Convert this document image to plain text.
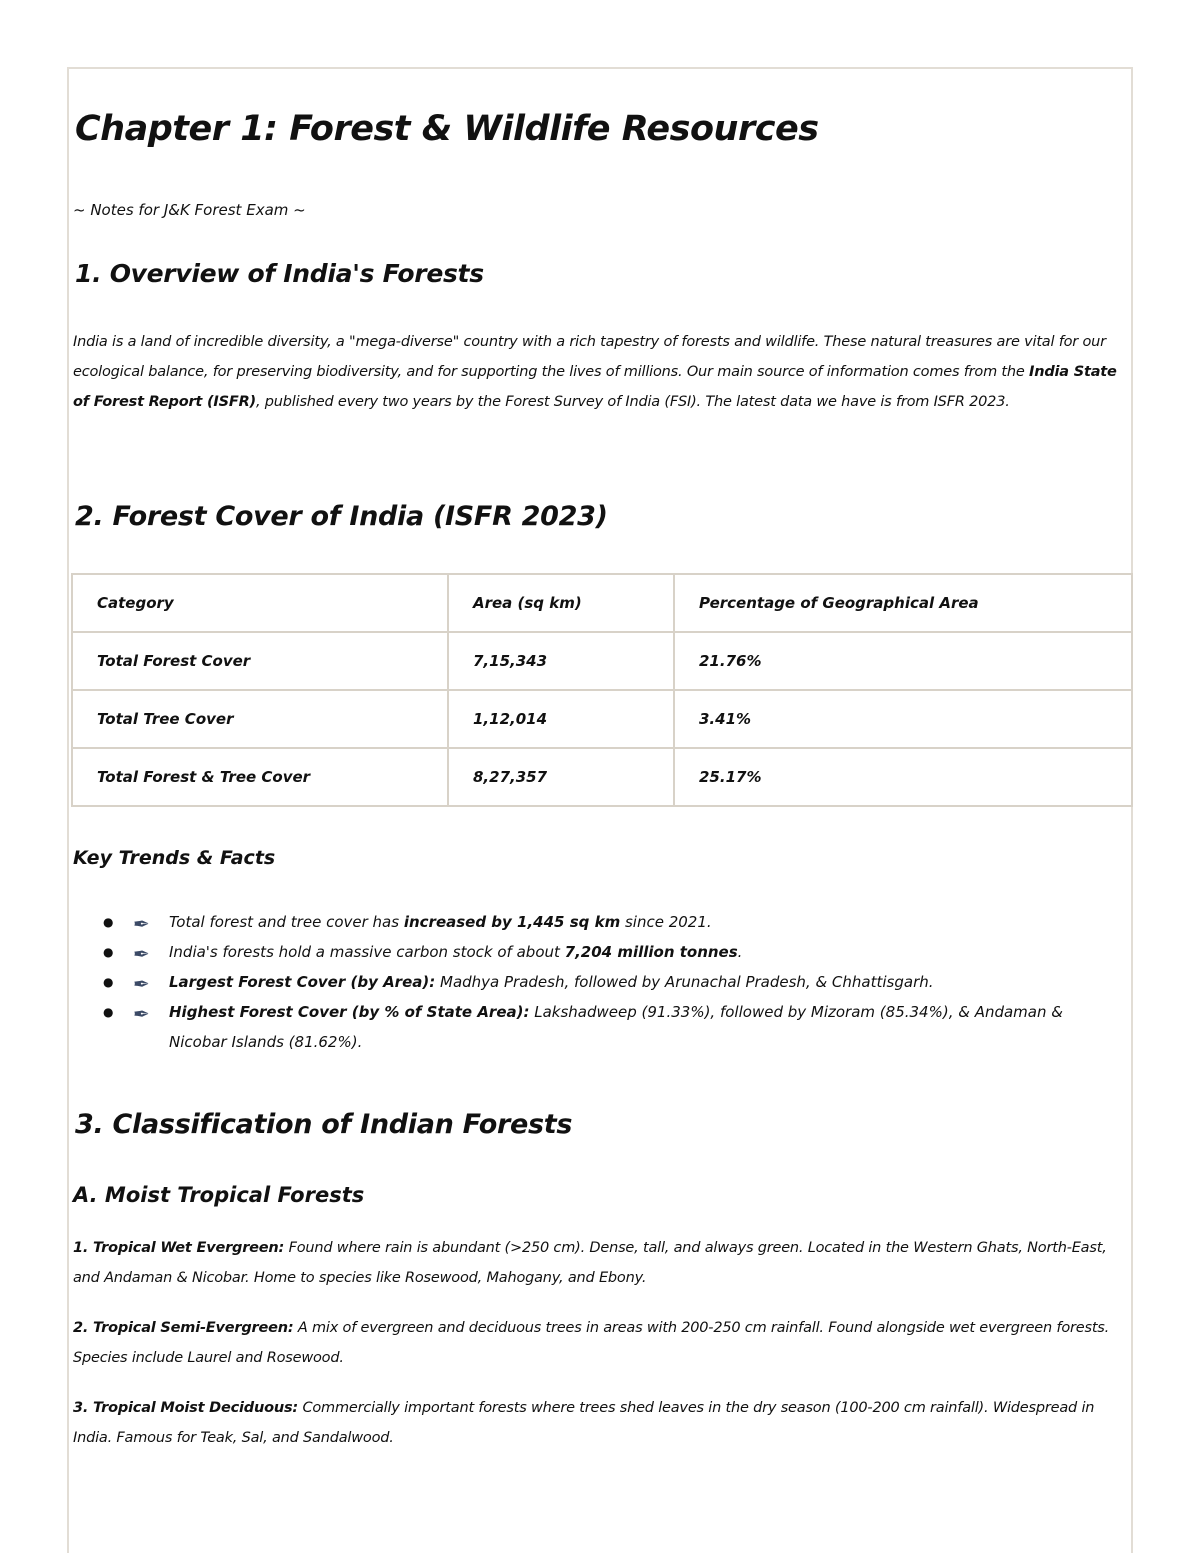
Chapter 1: Forest & Wildlife Resources
~ Notes for J&K Forest Exam ~
1. Overview of India's Forests

India is a land of incredible diversity, a "mega-diverse" country with a rich tapestry of forests and wildlife. These natural treasures are vital for our ecological balance, for preserving biodiversity, and for supporting the lives of millions. Our main source of information comes from the India State of Forest Report (ISFR), published every two years by the Forest Survey of India (FSI). The latest data we have is from ISFR 2023.

2. Forest Cover of India (ISFR 2023)
Category	Area (sq km)	Percentage of Geographical Area
Total Forest Cover	7,15,343	21.76%
Total Tree Cover	1,12,014	3.41%
Total Forest & Tree Cover	8,27,357	25.17%
Key Trends & Facts
● ✒ Total forest and tree cover has increased by 1,445 sq km since 2021.
● ✒ India's forests hold a massive carbon stock of about 7,204 million tonnes.
● ✒ Largest Forest Cover (by Area): Madhya Pradesh, followed by Arunachal Pradesh, & Chhattisgarh.
● ✒ Highest Forest Cover (by % of State Area): Lakshadweep (91.33%), followed by Mizoram (85.34%), & Andaman & Nicobar Islands (81.62%).
3. Classification of Indian Forests
A. Moist Tropical Forests

1. Tropical Wet Evergreen: Found where rain is abundant (>250 cm). Dense, tall, and always green. Located in the Western Ghats, North-East, and Andaman & Nicobar. Home to species like Rosewood, Mahogany, and Ebony.

2. Tropical Semi-Evergreen: A mix of evergreen and deciduous trees in areas with 200-250 cm rainfall. Found alongside wet evergreen forests. Species include Laurel and Rosewood.

3. Tropical Moist Deciduous: Commercially important forests where trees shed leaves in the dry season (100-200 cm rainfall). Widespread in India. Famous for Teak, Sal, and Sandalwood.
